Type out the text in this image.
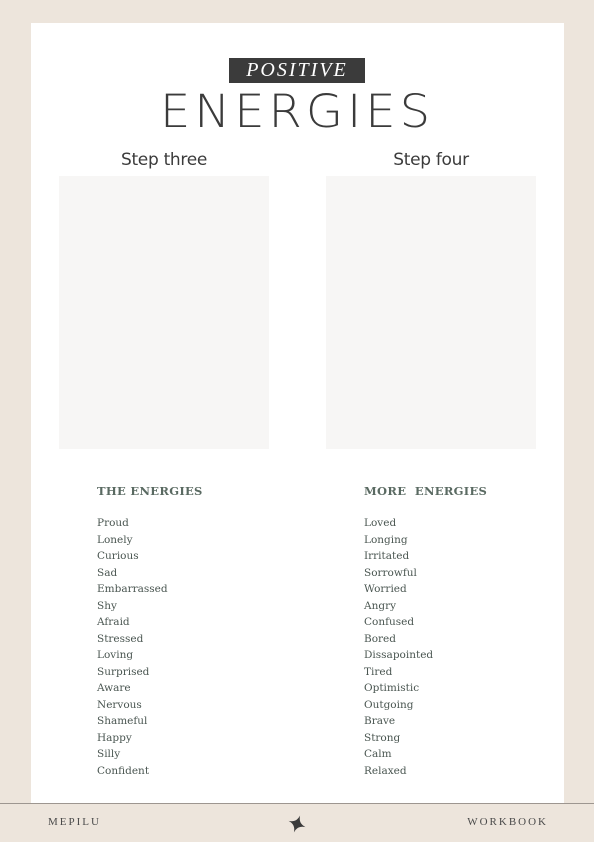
POSITIVE
ENERGIES
Step three	Step four
THE ENERGIES	MORE  ENERGIES
Proud
Lonely
Curious
Sad
Embarrassed
Shy
Afraid
Stressed
Loving
Surprised
Aware
Nervous
Shameful
Happy
Silly
Confident
Loved
Longing
Irritated
Sorrowful
Worried
Angry
Confused
Bored
Dissapointed
Tired
Optimistic
Outgoing
Brave
Strong
Calm
Relaxed
MEPILU	WORKBOOK
